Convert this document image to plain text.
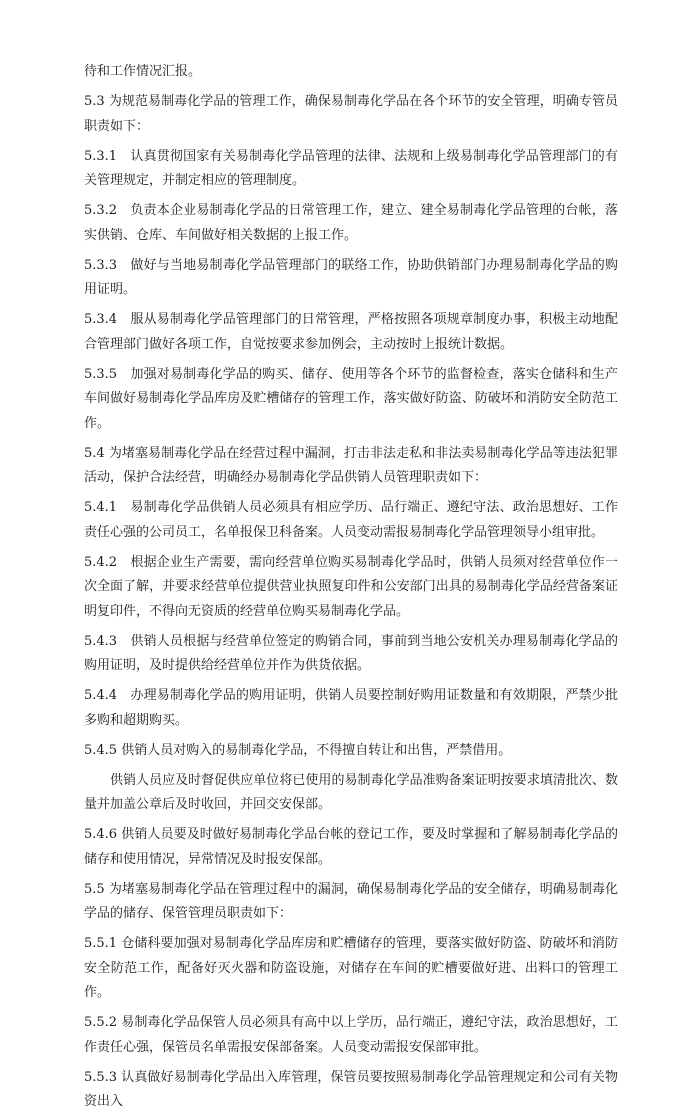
待和工作情况汇报。

5.3 为规范易制毒化学品的管理工作，确保易制毒化学品在各个环节的安全管理，明确专管员职责如下：

5.3.1　认真贯彻国家有关易制毒化学品管理的法律、法规和上级易制毒化学品管理部门的有关管理规定，并制定相应的管理制度。

5.3.2　负责本企业易制毒化学品的日常管理工作，建立、建全易制毒化学品管理的台帐，落实供销、仓库、车间做好相关数据的上报工作。

5.3.3　做好与当地易制毒化学品管理部门的联络工作，协助供销部门办理易制毒化学品的购用证明。

5.3.4　服从易制毒化学品管理部门的日常管理，严格按照各项规章制度办事，积极主动地配合管理部门做好各项工作，自觉按要求参加例会，主动按时上报统计数据。

5.3.5　加强对易制毒化学品的购买、储存、使用等各个环节的监督检查，落实仓储科和生产车间做好易制毒化学品库房及贮槽储存的管理工作，落实做好防盗、防破坏和消防安全防范工作。

5.4 为堵塞易制毒化学品在经营过程中漏洞，打击非法走私和非法卖易制毒化学品等违法犯罪活动，保护合法经营，明确经办易制毒化学品供销人员管理职责如下：

5.4.1　易制毒化学品供销人员必须具有相应学历、品行端正、遵纪守法、政治思想好、工作责任心强的公司员工，名单报保卫科备案。人员变动需报易制毒化学品管理领导小组审批。

5.4.2　根据企业生产需要，需向经营单位购买易制毒化学品时，供销人员须对经营单位作一次全面了解，并要求经营单位提供营业执照复印件和公安部门出具的易制毒化学品经营备案证明复印件，不得向无资质的经营单位购买易制毒化学品。

5.4.3　供销人员根据与经营单位签定的购销合同，事前到当地公安机关办理易制毒化学品的购用证明，及时提供给经营单位并作为供货依据。

5.4.4　办理易制毒化学品的购用证明，供销人员要控制好购用证数量和有效期限，严禁少批多购和超期购买。

5.4.5 供销人员对购入的易制毒化学品，不得擅自转让和出售，严禁借用。

供销人员应及时督促供应单位将已使用的易制毒化学品准购备案证明按要求填清批次、数量并加盖公章后及时收回，并回交安保部。

5.4.6 供销人员要及时做好易制毒化学品台帐的登记工作，要及时掌握和了解易制毒化学品的储存和使用情况，异常情况及时报安保部。

5.5 为堵塞易制毒化学品在管理过程中的漏洞，确保易制毒化学品的安全储存，明确易制毒化学品的储存、保管管理员职责如下：

5.5.1 仓储科要加强对易制毒化学品库房和贮槽储存的管理，要落实做好防盗、防破坏和消防安全防范工作，配备好灭火器和防盗设施，对储存在车间的贮槽要做好进、出料口的管理工作。

5.5.2 易制毒化学品保管人员必须具有高中以上学历，品行端正，遵纪守法，政治思想好，工作责任心强，保管员名单需报安保部备案。人员变动需报安保部审批。

5.5.3 认真做好易制毒化学品出入库管理，保管员要按照易制毒化学品管理规定和公司有关物资出入
